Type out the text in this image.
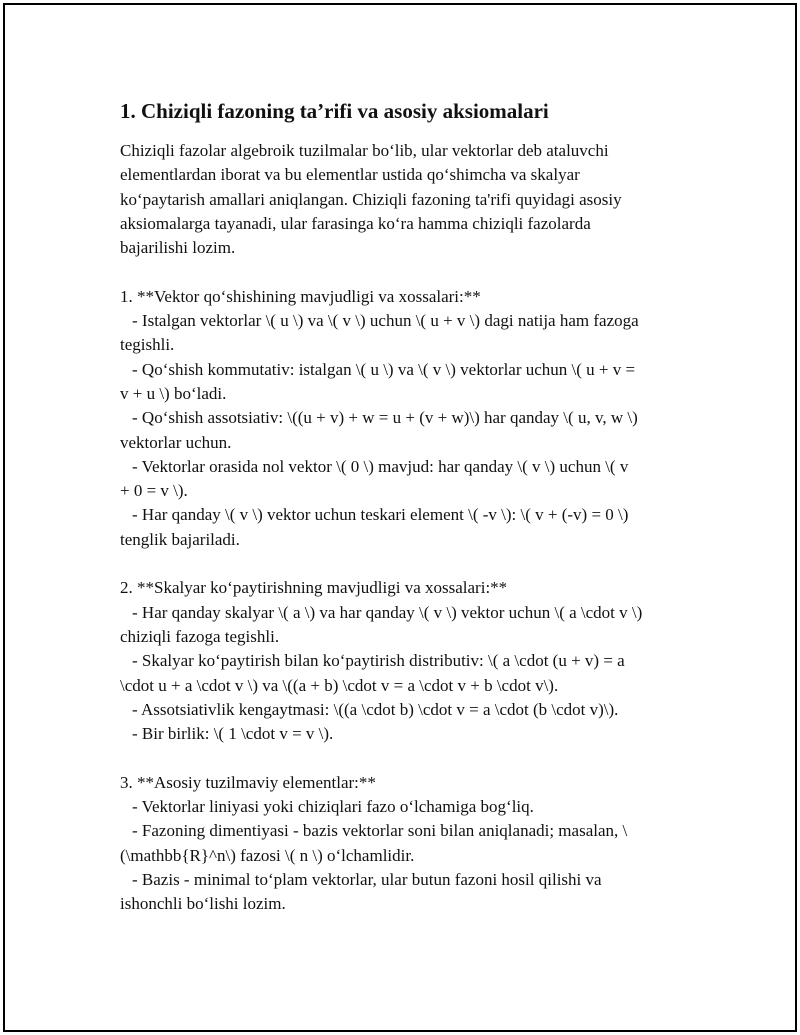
1. Chiziqli fazoning ta’rifi va asosiy aksiomalari
Chiziqli fazolar algebroik tuzilmalar bo‘lib, ular vektorlar deb ataluvchi
elementlardan iborat va bu elementlar ustida qo‘shimcha va skalyar
ko‘paytarish amallari aniqlangan. Chiziqli fazoning ta'rifi quyidagi asosiy
aksiomalarga tayanadi, ular farasinga ko‘ra hamma chiziqli fazolarda
bajarilishi lozim.
1. **Vektor qo‘shishining mavjudligi va xossalari:**
- Istalgan vektorlar \( u \) va \( v \) uchun \( u + v \) dagi natija ham fazoga
tegishli.
- Qo‘shish kommutativ: istalgan \( u \) va \( v \) vektorlar uchun \( u + v =
v + u \) bo‘ladi.
- Qo‘shish assotsiativ: \((u + v) + w = u + (v + w)\) har qanday \( u, v, w \)
vektorlar uchun.
- Vektorlar orasida nol vektor \( 0 \) mavjud: har qanday \( v \) uchun \( v
+ 0 = v \).
- Har qanday \( v \) vektor uchun teskari element \( -v \): \( v + (-v) = 0 \)
tenglik bajariladi.
2. **Skalyar ko‘paytirishning mavjudligi va xossalari:**
- Har qanday skalyar \( a \) va har qanday \( v \) vektor uchun \( a \cdot v \)
chiziqli fazoga tegishli.
- Skalyar ko‘paytirish bilan ko‘paytirish distributiv: \( a \cdot (u + v) = a
\cdot u + a \cdot v \) va \((a + b) \cdot v = a \cdot v + b \cdot v\).
- Assotsiativlik kengaytmasi: \((a \cdot b) \cdot v = a \cdot (b \cdot v)\).
- Bir birlik: \( 1 \cdot v = v \).
3. **Asosiy tuzilmaviy elementlar:**
- Vektorlar liniyasi yoki chiziqlari fazo o‘lchamiga bog‘liq.
- Fazoning dimentiyasi - bazis vektorlar soni bilan aniqlanadi; masalan, \
(\mathbb{R}^n\) fazosi \( n \) o‘lchamlidir.
- Bazis - minimal to‘plam vektorlar, ular butun fazoni hosil qilishi va
ishonchli bo‘lishi lozim.
